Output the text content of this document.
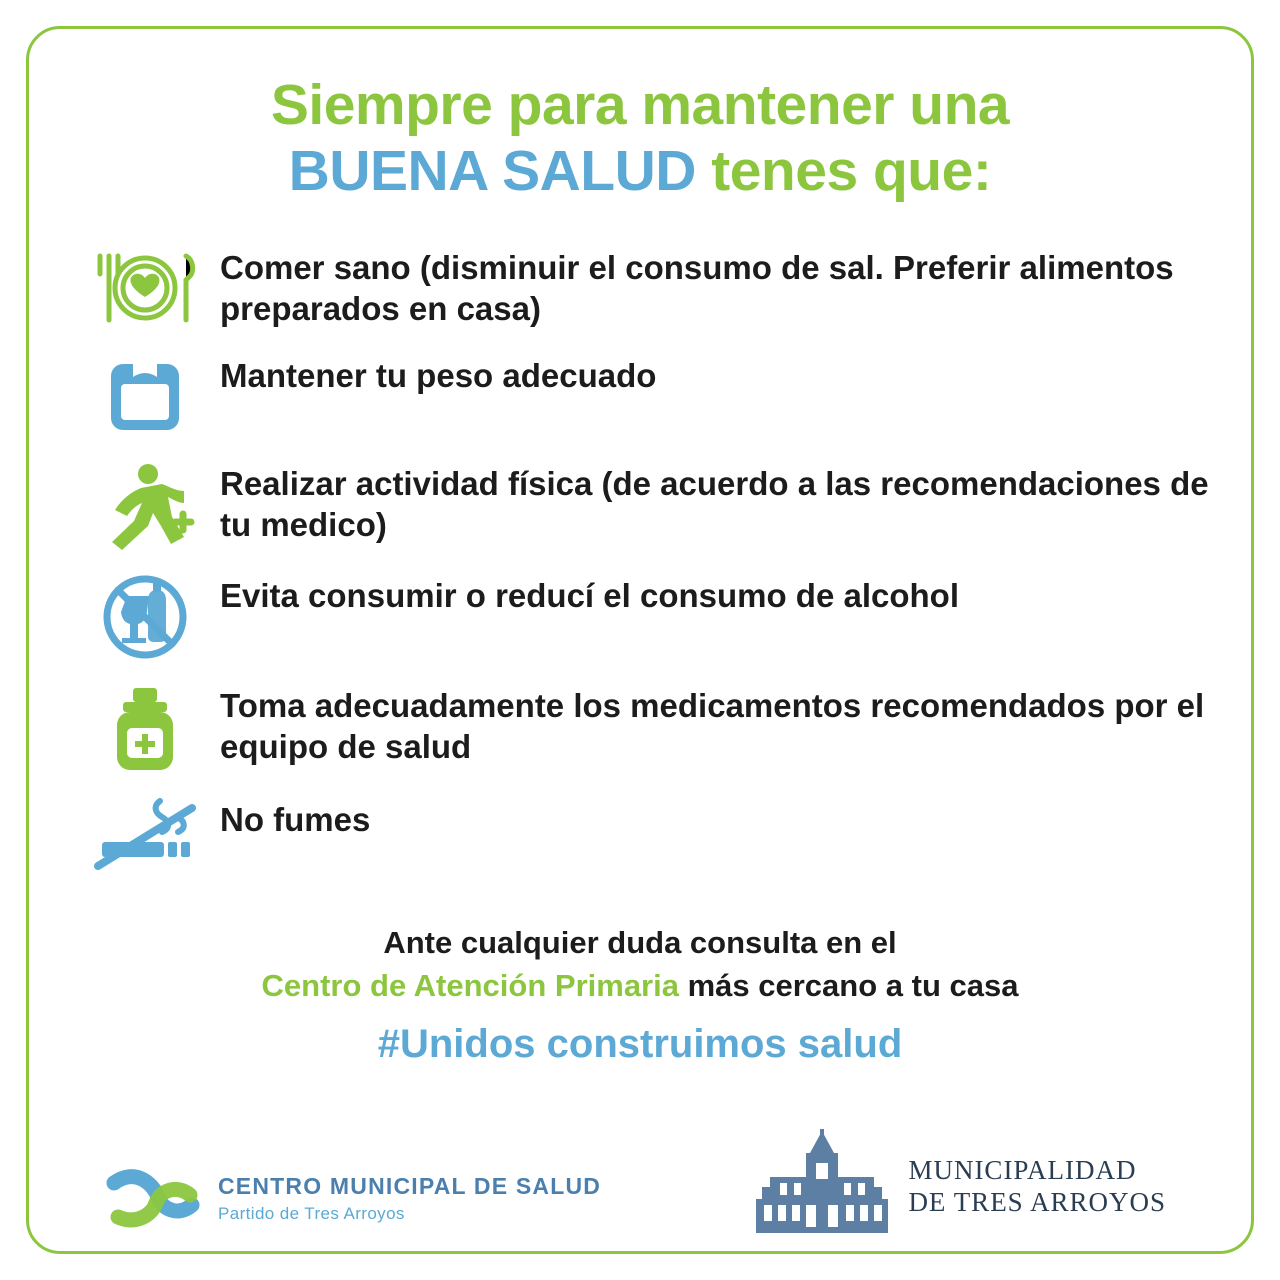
Siempre para mantener una
BUENA SALUD tenes que:
Comer sano (disminuir el consumo de sal. Preferir alimentos preparados en casa)
Mantener tu peso adecuado
Realizar actividad física (de acuerdo a las recomendaciones de tu medico)
Evita consumir o reducí el consumo de alcohol
Toma adecuadamente los medicamentos recomendados por el equipo de salud
No fumes
Ante cualquier duda consulta en el
Centro de Atención Primaria más cercano a tu casa
#Unidos construimos salud
CENTRO MUNICIPAL DE SALUD
Partido de Tres Arroyos
MUNICIPALIDAD
DE TRES ARROYOS
